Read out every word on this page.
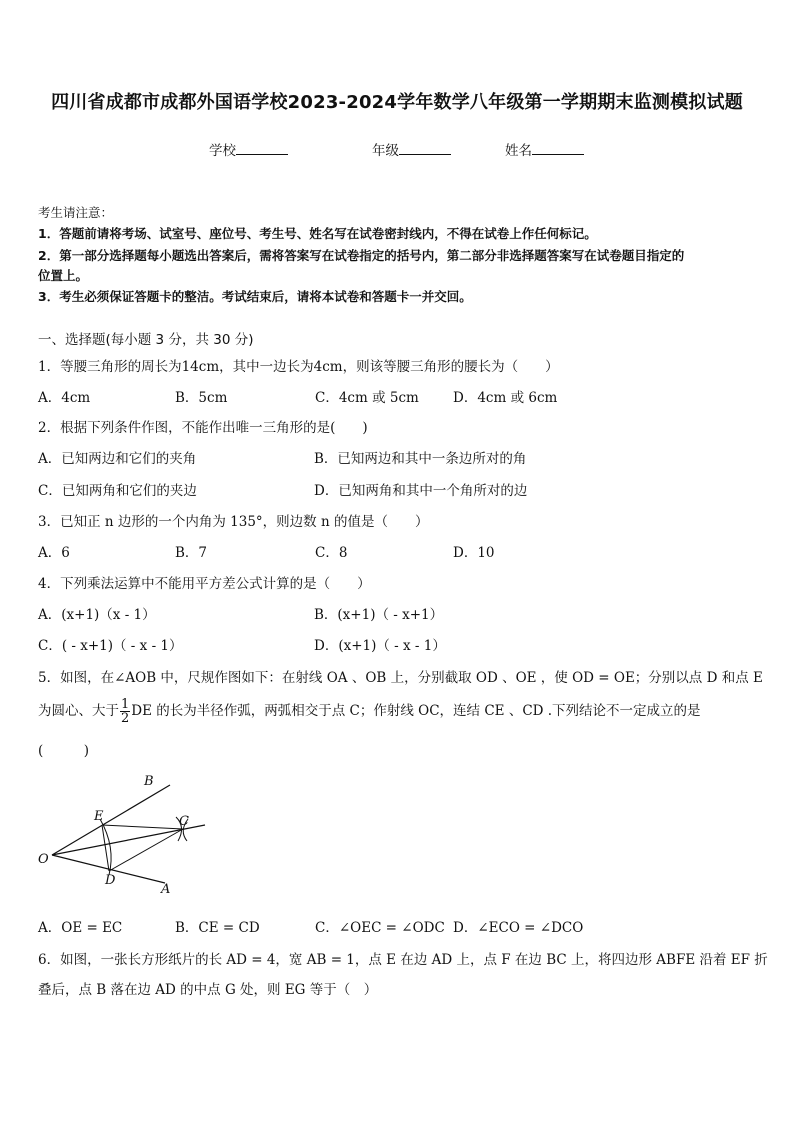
四川省成都市成都外国语学校2023-2024学年数学八年级第一学期期末监测模拟试题
学校	年级	姓名
考生请注意：
1．答题前请将考场、试室号、座位号、考生号、姓名写在试卷密封线内，不得在试卷上作任何标记。
2．第一部分选择题每小题选出答案后，需将答案写在试卷指定的括号内，第二部分非选择题答案写在试卷题目指定的
位置上。
3．考生必须保证答题卡的整洁。考试结束后，请将本试卷和答题卡一并交回。
一、选择题(每小题 3 分，共 30 分)
1．等腰三角形的周长为14cm，其中一边长为4cm，则该等腰三角形的腰长为（　　）
A．4cm	B．5cm	C．4cm 或 5cm	D．4cm 或 6cm
2．根据下列条件作图，不能作出唯一三角形的是(　　)
A．已知两边和它们的夹角	B．已知两边和其中一条边所对的角
C．已知两角和它们的夹边	D．已知两角和其中一个角所对的边
3．已知正 n 边形的一个内角为 135°，则边数 n 的值是（　　）
A．6	B．7	C．8	D．10
4．下列乘法运算中不能用平方差公式计算的是（　　）
A．(x+1)（x - 1）	B．(x+1)（ - x+1）
C．( - x+1)（ - x - 1）	D．(x+1)（ - x - 1）
5．如图，在∠AOB 中，尺规作图如下：在射线 OA 、OB 上，分别截取 OD 、OE ，使 OD = OE；分别以点 D 和点 E
为圆心、大于 $\frac{1}{2}$ DE 的长为半径作弧，两弧相交于点 C；作射线 OC，连结 CE 、CD .下列结论不一定成立的是
(　　　)
B
E	C
O
D
A
A．OE = EC	B．CE = CD	C．∠OEC = ∠ODC D．∠ECO = ∠DCO
6．如图，一张长方形纸片的长 AD = 4，宽 AB = 1，点 E 在边 AD 上，点 F 在边 BC 上，将四边形 ABFE 沿着 EF 折
叠后，点 B 落在边 AD 的中点 G 处，则 EG 等于（　）
